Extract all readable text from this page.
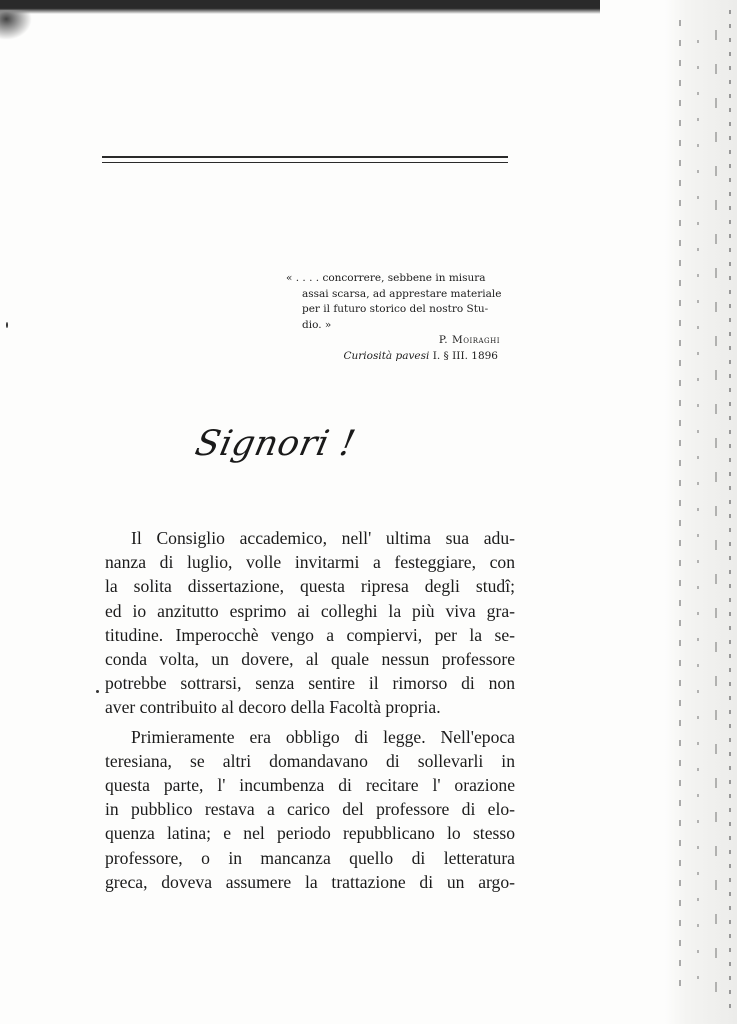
« . . . . concorrere, sebbene in misura
assai scarsa, ad apprestare materiale
per il futuro storico del nostro Stu-
dio. »
P. Moiraghi
Curiosità pavesi I. § III. 1896
Signori !
Il Consiglio accademico, nell' ultima sua adu-
nanza di luglio, volle invitarmi a festeggiare, con
la solita dissertazione, questa ripresa degli studî;
ed io anzitutto esprimo ai colleghi la più viva gra-
titudine. Imperocchè vengo a compiervi, per la se-
conda volta, un dovere, al quale nessun professore
potrebbe sottrarsi, senza sentire il rimorso di non
aver contribuito al decoro della Facoltà propria.
Primieramente era obbligo di legge. Nell'epoca
teresiana, se altri domandavano di sollevarli in
questa parte, l' incumbenza di recitare l' orazione
in pubblico restava a carico del professore di elo-
quenza latina; e nel periodo repubblicano lo stesso
professore, o in mancanza quello di letteratura
greca, doveva assumere la trattazione di un argo-
